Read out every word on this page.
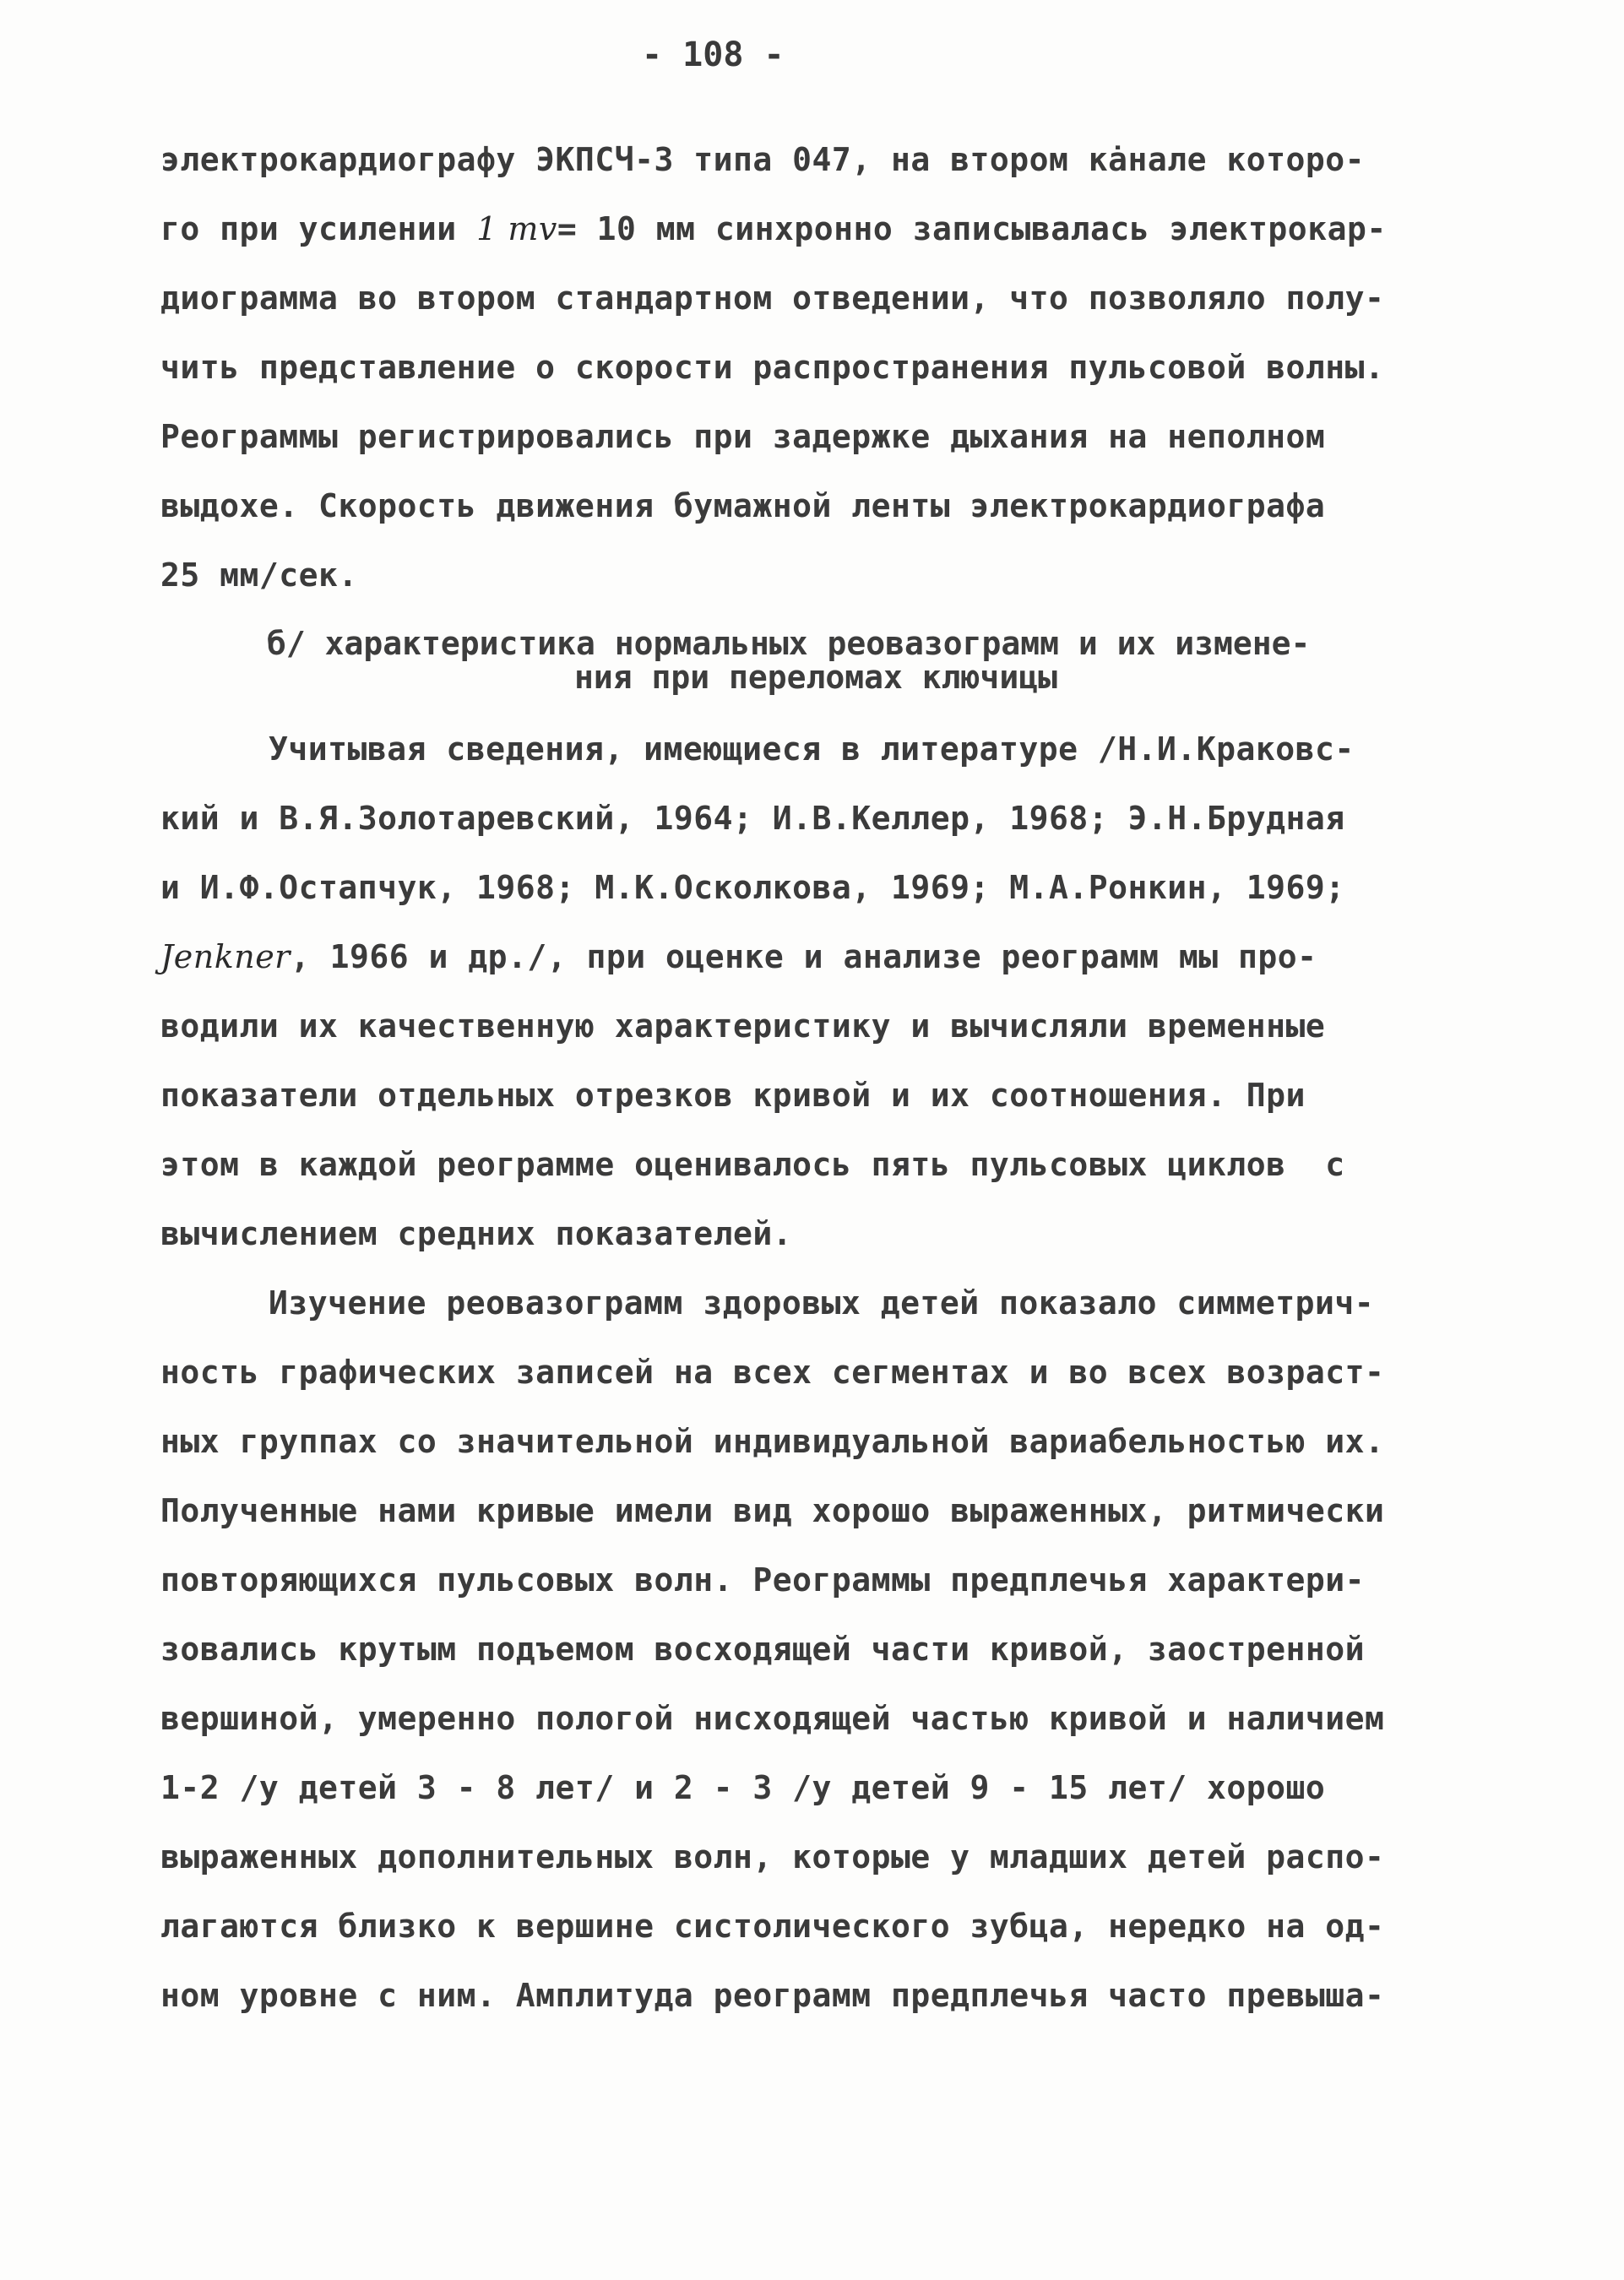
- 108 -
электрокардиографу ЭКПСЧ-3 типа 047, на втором кȧнале которо-
го при усилении 1 mv= 10 мм синхронно записывалась электрокар-
диограмма во втором стандартном отведении, что позволяло полу-
чить представление о скорости распространения пульсовой волны.
Реограммы регистрировались при задержке дыхания на неполном
выдохе. Скорость движения бумажной ленты электрокардиографа
25 мм/сек.
б/ характеристика нормальных реовазограмм и их измене-
ния при переломах ключицы
Учитывая сведения, имеющиеся в литературе /Н.И.Краковс-
кий и В.Я.Золотаревский, 1964; И.В.Келлер, 1968; Э.Н.Брудная
и И.Ф.Остапчук, 1968; М.К.Осколкова, 1969; М.А.Ронкин, 1969;
Jenkner, 1966 и др./, при оценке и анализе реограмм мы про-
водили их качественную характеристику и вычисляли временные
показатели отдельных отрезков кривой и их соотношения. При
этом в каждой реограмме оценивалось пять пульсовых циклов  с
вычислением средних показателей.
Изучение реовазограмм здоровых детей показало симметрич-
ность графических записей на всех сегментах и во всех возраст-
ных группах со значительной индивидуальной вариабельностью их.
Полученные нами кривые имели вид хорошо выраженных, ритмически
повторяющихся пульсовых волн. Реограммы предплечья характери-
зовались крутым подъемом восходящей части кривой, заостренной
вершиной, умеренно пологой нисходящей частью кривой и наличием
1-2 /у детей 3 - 8 лет/ и 2 - 3 /у детей 9 - 15 лет/ хорошо
выраженных дополнительных волн, которые у младших детей распо-
лагаются близко к вершине систолического зубца, нередко на од-
ном уровне с ним. Амплитуда реограмм предплечья часто превыша-
